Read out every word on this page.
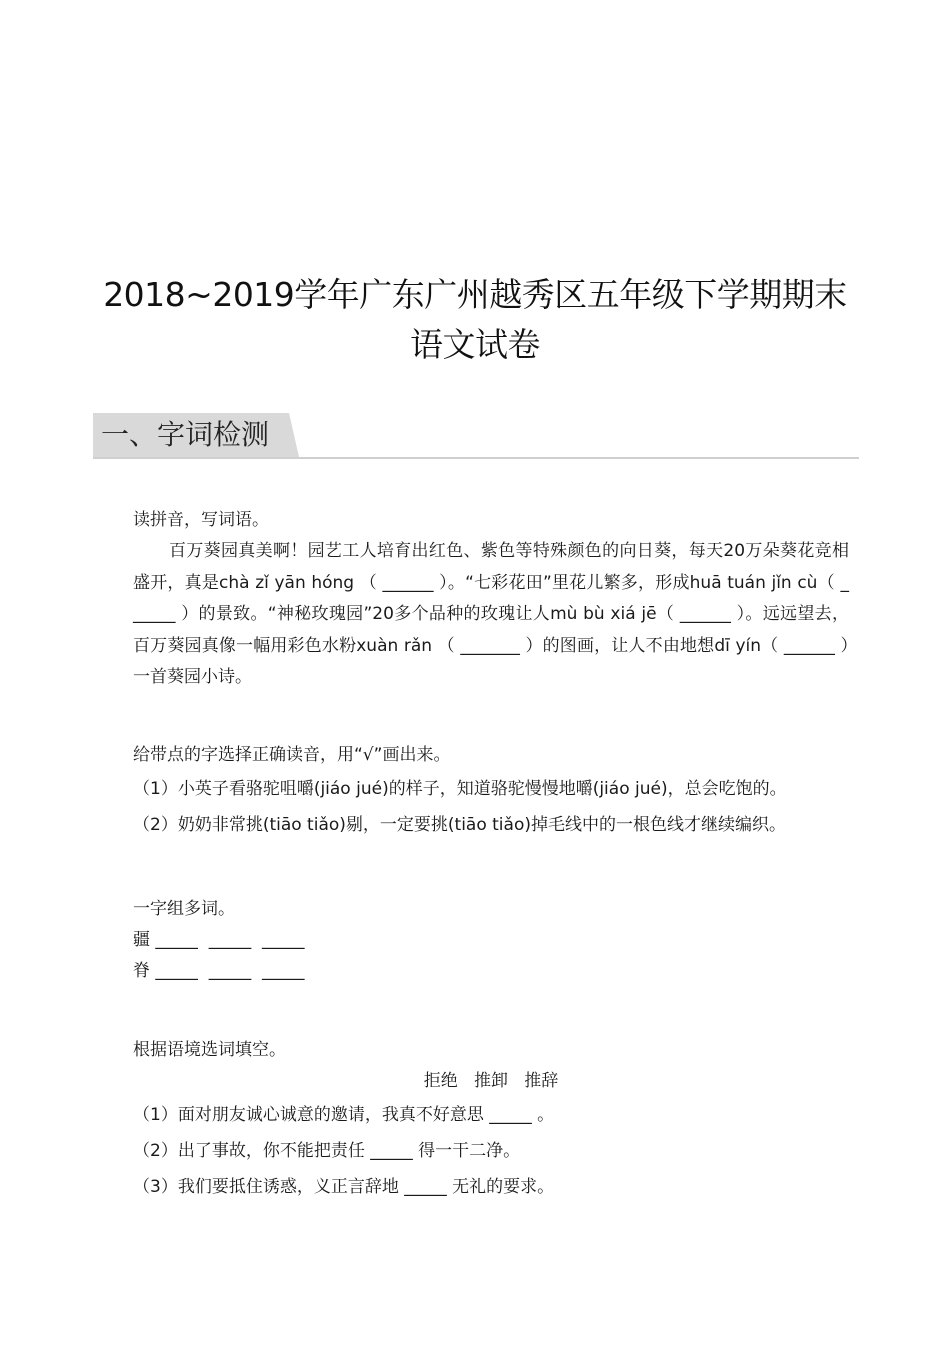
2018~2019学年广东广州越秀区五年级下学期期末
语文试卷
一、字词检测
读拼音，写词语。
百万葵园真美啊！园艺工人培育出红色、紫色等特殊颜色的向日葵，每天20万朵葵花竞相盛开，真是chà zǐ yān hóng （ ______ ）。“七彩花田”里花儿繁多，形成huā tuán jǐn cù（ ______ ）的景致。“神秘玫瑰园”20多个品种的玫瑰让人mù bù xiá jē（ ______ ）。远远望去，百万葵园真像一幅用彩色水粉xuàn rǎn （ _______ ）的图画，让人不由地想dī yín（ ______ ）一首葵园小诗。
给带点的字选择正确读音，用“√”画出来。
（1）小英子看骆驼咀嚼(jiáo jué)的样子，知道骆驼慢慢地嚼(jiáo jué)，总会吃饱的。
（2）奶奶非常挑(tiāo tiǎo)剔，一定要挑(tiāo tiǎo)掉毛线中的一根色线才继续编织。
一字组多词。
疆 _____  _____  _____
脊 _____  _____  _____
根据语境选词填空。
拒绝   推卸   推辞
（1）面对朋友诚心诚意的邀请，我真不好意思 _____ 。
（2）出了事故，你不能把责任 _____ 得一干二净。
（3）我们要抵住诱惑，义正言辞地 _____ 无礼的要求。
